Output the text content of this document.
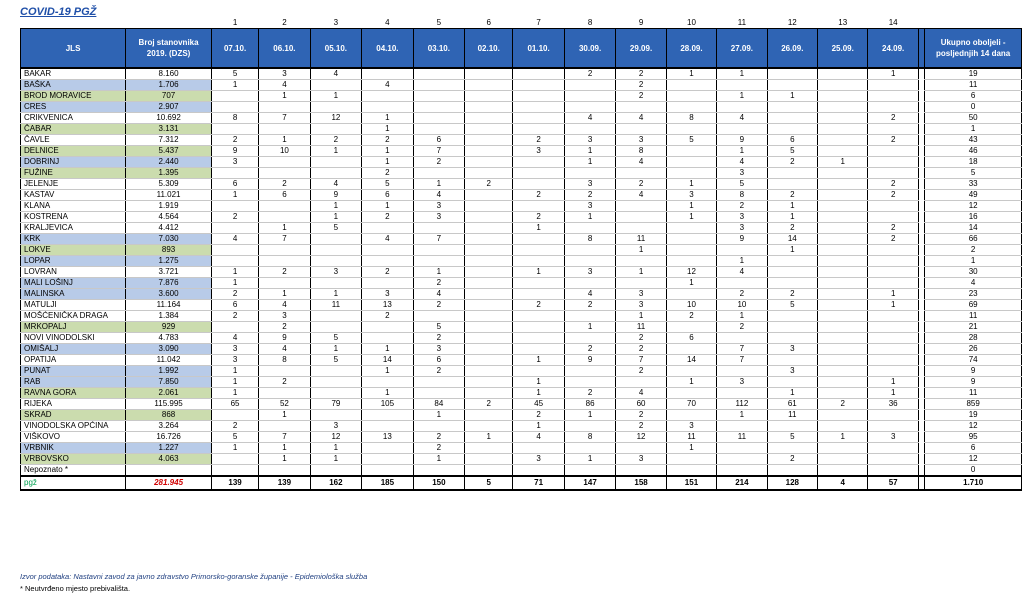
COVID-19 PGŽ
		1	2	3	4	5	6	7	8	9	10	11	12	13	14		
JLS	Broj stanovnika 2019. (DZS)	07.10.	06.10.	05.10.	04.10.	03.10.	02.10.	01.10.	30.09.	29.09.	28.09.	27.09.	26.09.	25.09.	24.09.		Ukupno oboljeli - posljednjih 14 dana
BAKAR	8.160	5	3	4					2	2	1	1			1		19
BAŠKA	1.706	1	4		4					2							11
BROD MORAVICE	707		1	1						2		1	1				6
CRES	2.907																0
CRIKVENICA	10.692	8	7	12	1				4	4	8	4			2		50
ČABAR	3.131				1												1
ČAVLE	7.312	2	1	2	2	6		2	3	3	5	9	6		2		43
DELNICE	5.437	9	10	1	1	7		3	1	8		1	5				46
DOBRINJ	2.440	3			1	2			1	4		4	2	1			18
FUŽINE	1.395				2							3					5
JELENJE	5.309	6	2	4	5	1	2		3	2	1	5			2		33
KASTAV	11.021	1	6	9	6	4		2	2	4	3	8	2		2		49
KLANA	1.919			1	1	3			3		1	2	1				12
KOSTRENA	4.564	2		1	2	3		2	1		1	3	1				16
KRALJEVICA	4.412		1	5				1				3	2		2		14
KRK	7.030	4	7		4	7			8	11		9	14		2		66
LOKVE	893									1			1				2
LOPAR	1.275											1					1
LOVRAN	3.721	1	2	3	2	1		1	3	1	12	4					30
MALI LOŠINJ	7.876	1				2					1						4
MALINSKA	3.600	2	1	1	3	4			4	3		2	2		1		23
MATULJI	11.164	6	4	11	13	2		2	2	3	10	10	5		1		69
MOŠĆENIČKA DRAGA	1.384	2	3		2					1	2	1					11
MRKOPALJ	929		2			5			1	11		2					21
NOVI VINODOLSKI	4.783	4	9	5		2				2	6						28
OMIŠALJ	3.090	3	4	1	1	3			2	2		7	3				26
OPATIJA	11.042	3	8	5	14	6		1	9	7	14	7					74
PUNAT	1.992	1			1	2				2			3				9
RAB	7.850	1	2					1			1	3			1		9
RAVNA GORA	2.061	1			1			1	2	4			1		1		11
RIJEKA	115.995	65	52	79	105	84	2	45	86	60	70	112	61	2	36		859
SKRAD	868		1			1		2	1	2		1	11				19
VINODOLSKA OPĆINA	3.264	2		3				1		2	3						12
VIŠKOVO	16.726	5	7	12	13	2	1	4	8	12	11	11	5	1	3		95
VRBNIK	1.227	1	1	1		2					1						6
VRBOVSKO	4.063		1	1		1		3	1	3			2				12
Nepoznato *																	0
pgž	281.945	139	139	162	185	150	5	71	147	158	151	214	128	4	57		1.710
Izvor podataka: Nastavni zavod za javno zdravstvo Primorsko-goranske županije - Epidemiološka služba
* Neutvrđeno mjesto prebivališta.
